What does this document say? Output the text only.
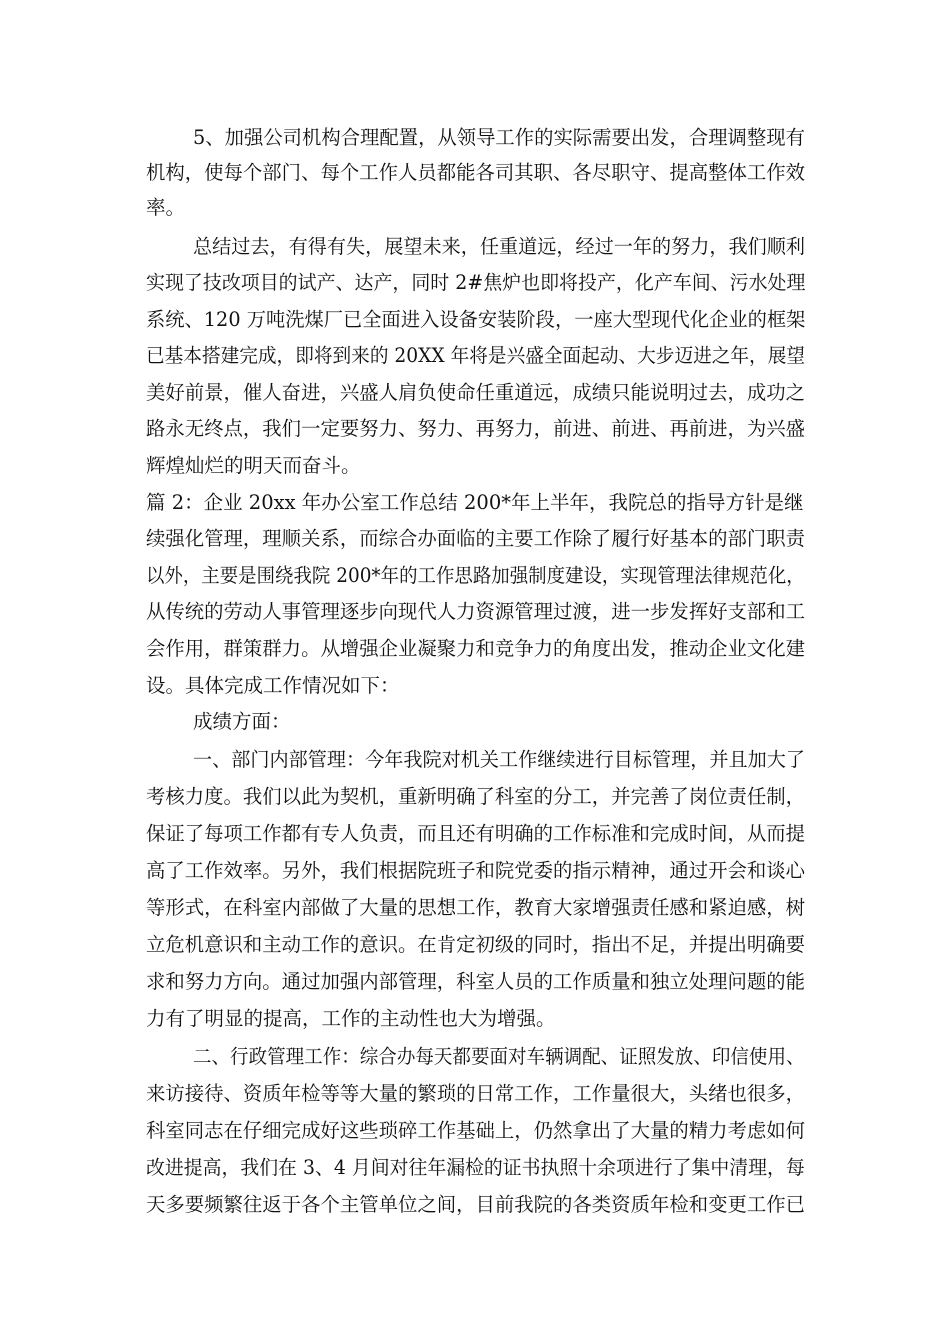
5、加强公司机构合理配置，从领导工作的实际需要出发，合理调整现有

机构，使每个部门、每个工作人员都能各司其职、各尽职守、提高整体工作效

率。

总结过去，有得有失，展望未来，任重道远，经过一年的努力，我们顺利

实现了技改项目的试产、达产，同时 2#焦炉也即将投产，化产车间、污水处理

系统、120 万吨洗煤厂已全面进入设备安装阶段，一座大型现代化企业的框架

已基本搭建完成，即将到来的 20XX 年将是兴盛全面起动、大步迈进之年，展望

美好前景，催人奋进，兴盛人肩负使命任重道远，成绩只能说明过去，成功之

路永无终点，我们一定要努力、努力、再努力，前进、前进、再前进，为兴盛

辉煌灿烂的明天而奋斗。

篇 2：企业 20xx 年办公室工作总结 200*年上半年，我院总的指导方针是继

续强化管理，理顺关系，而综合办面临的主要工作除了履行好基本的部门职责

以外，主要是围绕我院 200*年的工作思路加强制度建设，实现管理法律规范化，

从传统的劳动人事管理逐步向现代人力资源管理过渡，进一步发挥好支部和工

会作用，群策群力。从增强企业凝聚力和竞争力的角度出发，推动企业文化建

设。具体完成工作情况如下：

成绩方面：

一、部门内部管理：今年我院对机关工作继续进行目标管理，并且加大了

考核力度。我们以此为契机，重新明确了科室的分工，并完善了岗位责任制，

保证了每项工作都有专人负责，而且还有明确的工作标准和完成时间，从而提

高了工作效率。另外，我们根据院班子和院党委的指示精神，通过开会和谈心

等形式，在科室内部做了大量的思想工作，教育大家增强责任感和紧迫感，树

立危机意识和主动工作的意识。在肯定初级的同时，指出不足，并提出明确要

求和努力方向。通过加强内部管理，科室人员的工作质量和独立处理问题的能

力有了明显的提高，工作的主动性也大为增强。

二、行政管理工作：综合办每天都要面对车辆调配、证照发放、印信使用、

来访接待、资质年检等等大量的繁琐的日常工作，工作量很大，头绪也很多，

科室同志在仔细完成好这些琐碎工作基础上，仍然拿出了大量的精力考虑如何

改进提高，我们在 3、4 月间对往年漏检的证书执照十余项进行了集中清理，每

天多要频繁往返于各个主管单位之间，目前我院的各类资质年检和变更工作已
